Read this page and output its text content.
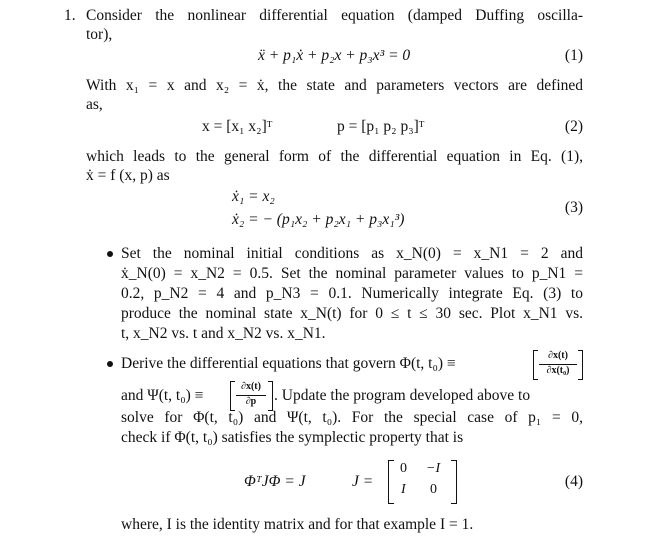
1. Consider the nonlinear differential equation (damped Duffing oscilla-
tor),
ẍ + p₁ẋ + p₂x + p₃x³ = 0	(1)
With x₁ = x and x₂ = ẋ, the state and parameters vectors are defined
as,
x = [x₁ x₂]ᵀ	p = [p₁ p₂ p₃]ᵀ	(2)
which leads to the general form of the differential equation in Eq. (1),
ẋ = f (x, p) as
ẋ₁ = x₂
ẋ₂ = − (p₁x₂ + p₂x₁ + p₃x₁³)
(3)
Set the nominal initial conditions as x_N(0) = x_N1 = 2 and
ẋ_N(0) = x_N2 = 0.5. Set the nominal parameter values to p_N1 =
0.2, p_N2 = 4 and p_N3 = 0.1. Numerically integrate Eq. (3) to
produce the nominal state x_N(t) for 0 ≤ t ≤ 30 sec. Plot x_N1 vs.
t, x_N2 vs. t and x_N2 vs. x_N1.
Derive the differential equations that govern Φ(t, t₀) ≡	∂x(t)
∂x(t₀)
and Ψ(t, t₀) ≡
∂x(t)
∂p	. Update the program developed above to
solve for Φ(t, t₀) and Ψ(t, t₀). For the special case of p₁ = 0,
check if Φ(t, t₀) satisfies the symplectic property that is
ΦᵀJΦ = J	J =
0 −I
I 0	(4)
where, I is the identity matrix and for that example I = 1.
